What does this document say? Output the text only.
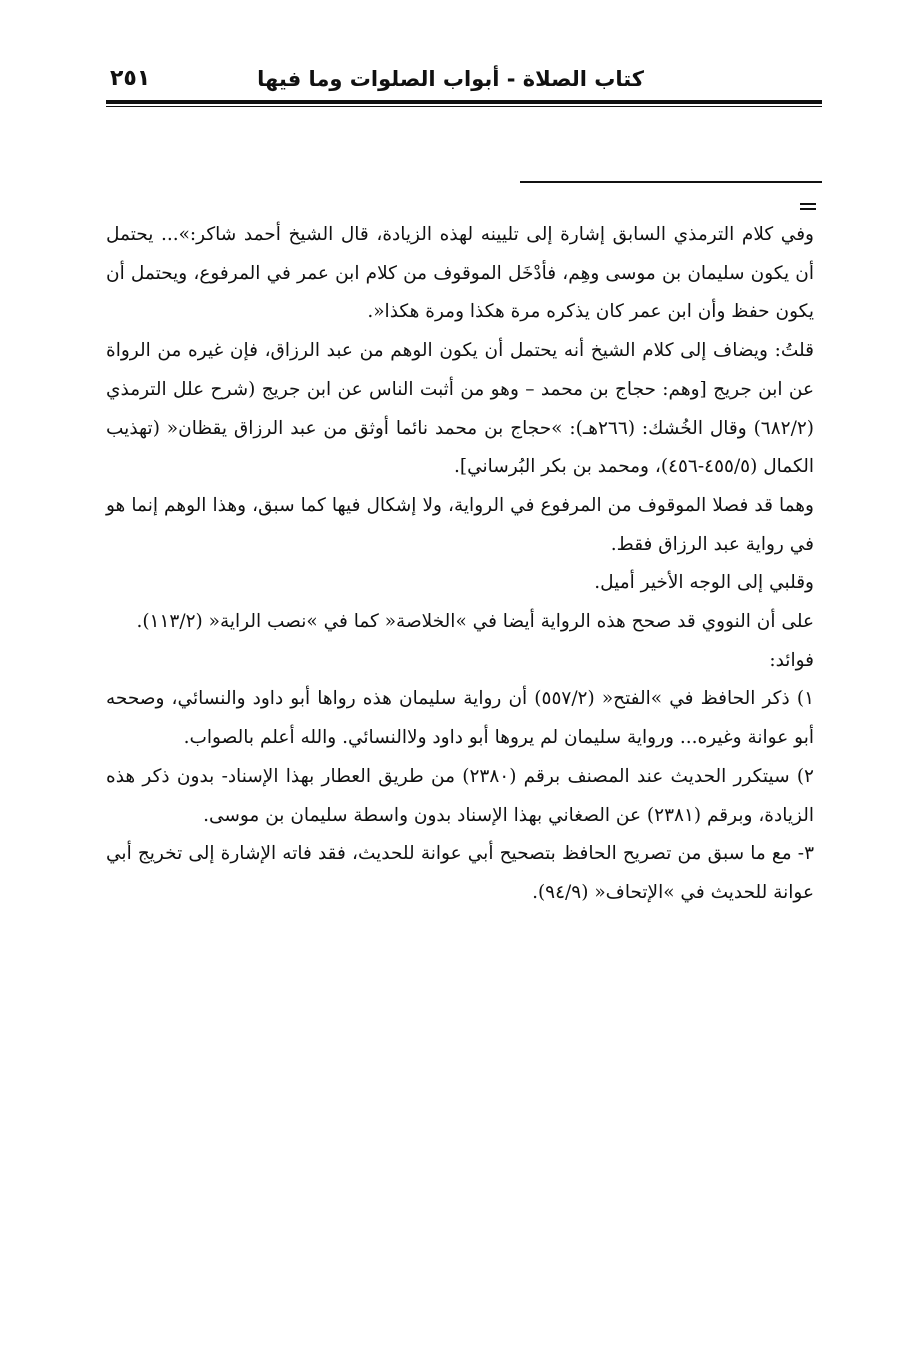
كتاب الصلاة - أبواب الصلوات وما فيها
٢٥١

وفي كلام الترمذي السابق إشارة إلى تليينه لهذه الزيادة، قال الشيخ أحمد شاكر:»... يحتمل أن يكون سليمان بن موسى وهِم، فأدْخَل الموقوف من كلام ابن عمر في المرفوع، ويحتمل أن يكون حفظ وأن ابن عمر كان يذكره مرة هكذا ومرة هكذا«.

قلتُ: ويضاف إلى كلام الشيخ أنه يحتمل أن يكون الوهم من عبد الرزاق، فإن غيره من الرواة عن ابن جريج [وهم: حجاج بن محمد – وهو من أثبت الناس عن ابن جريج (شرح علل الترمذي (٦٨٢/٢) وقال الخُشك: (٢٦٦هـ): »حجاج بن محمد نائما أوثق من عبد الرزاق يقظان« (تهذيب الكمال (٤٥٥/٥-٤٥٦)، ومحمد بن بكر البُرساني].

وهما قد فصلا الموقوف من المرفوع في الرواية، ولا إشكال فيها كما سبق، وهذا الوهم إنما هو في رواية عبد الرزاق فقط.

وقلبي إلى الوجه الأخير أميل.

على أن النووي قد صحح هذه الرواية أيضا في »الخلاصة« كما في »نصب الراية« (١١٣/٢).

فوائد:

١) ذكر الحافظ في »الفتح« (٥٥٧/٢) أن رواية سليمان هذه رواها أبو داود والنسائي، وصححه أبو عوانة وغيره... ورواية سليمان لم يروها أبو داود ولاالنسائي. والله أعلم بالصواب.

٢) سيتكرر الحديث عند المصنف برقم (٢٣٨٠) من طريق العطار بهذا الإسناد- بدون ذكر هذه الزيادة، وبرقم (٢٣٨١) عن الصغاني بهذا الإسناد بدون واسطة سليمان بن موسى.

٣- مع ما سبق من تصريح الحافظ بتصحيح أبي عوانة للحديث، فقد فاته الإشارة إلى تخريج أبي عوانة للحديث في »الإتحاف« (٩٤/٩).
